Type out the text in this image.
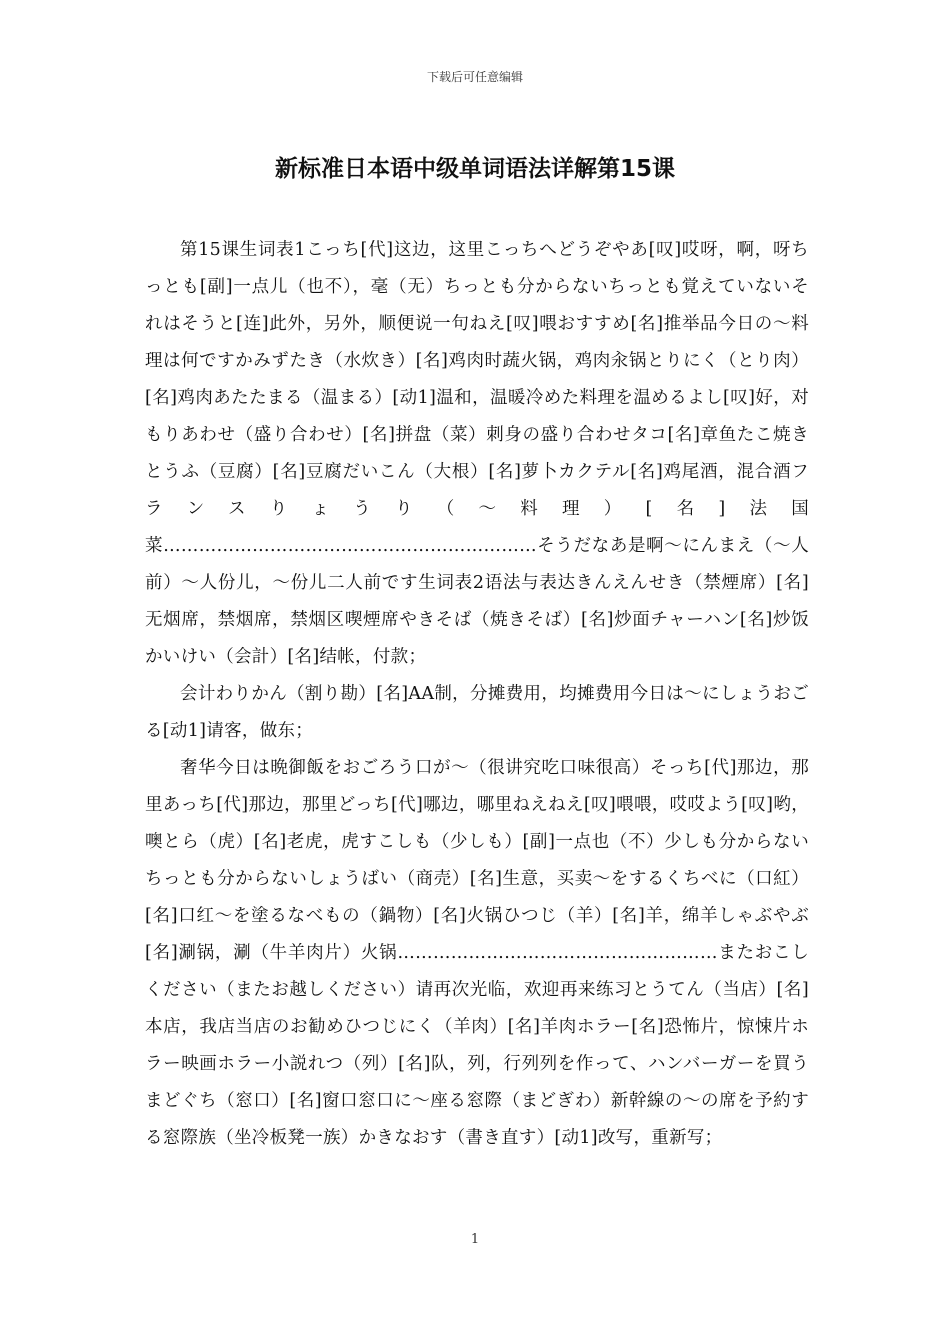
下载后可任意编辑
新标准日本语中级单词语法详解第15课

第15课生词表1こっち[代]这边，这里こっちへどうぞやあ[叹]哎呀，啊，呀ちっとも[副]一点儿（也不），毫（无）ちっとも分からないちっとも覚えていないそれはそうと[连]此外，另外，顺便说一句ねえ[叹]喂おすすめ[名]推举品今日の～料理は何ですかみずたき（水炊き）[名]鸡肉时蔬火锅，鸡肉汆锅とりにく（とり肉）[名]鸡肉あたたまる（温まる）[动1]温和，温暖冷めた料理を温めるよし[叹]好，对もりあわせ（盛り合わせ）[名]拼盘（菜）刺身の盛り合わせタコ[名]章鱼たこ焼きとうふ（豆腐）[名]豆腐だいこん（大根）[名]萝卜カクテル[名]鸡尾酒，混合酒フランスりょうり（～料理）[名]法国菜………………………………………………………そうだなあ是啊～にんまえ（～人前）～人份儿，～份儿二人前です生词表2语法与表达きんえんせき（禁煙席）[名]无烟席，禁烟席，禁烟区喫煙席やきそば（焼きそば）[名]炒面チャーハン[名]炒饭かいけい（会計）[名]结帐，付款；

会计わりかん（割り勘）[名]AA制，分摊费用，均摊费用今日は～にしょうおごる[动1]请客，做东；

奢华今日は晩御飯をおごろう口が～（很讲究吃口味很高）そっち[代]那边，那里あっち[代]那边，那里どっち[代]哪边，哪里ねえねえ[叹]喂喂，哎哎よう[叹]哟，噢とら（虎）[名]老虎，虎すこしも（少しも）[副]一点也（不）少しも分からないちっとも分からないしょうばい（商売）[名]生意，买卖～をするくちべに（口紅）[名]口红～を塗るなべもの（鍋物）[名]火锅ひつじ（羊）[名]羊，绵羊しゃぶやぶ[名]涮锅，涮（牛羊肉片）火锅………………………………………………またおこしください（またお越しください）请再次光临，欢迎再来练习とうてん（当店）[名]本店，我店当店のお勧めひつじにく（羊肉）[名]羊肉ホラー[名]恐怖片，惊悚片ホラー映画ホラー小説れつ（列）[名]队，列，行列列を作って、ハンバーガーを買うまどぐち（窓口）[名]窗口窓口に～座る窓際（まどぎわ）新幹線の～の席を予約する窓際族（坐冷板凳一族）かきなおす（書き直す）[动1]改写，重新写；

1
